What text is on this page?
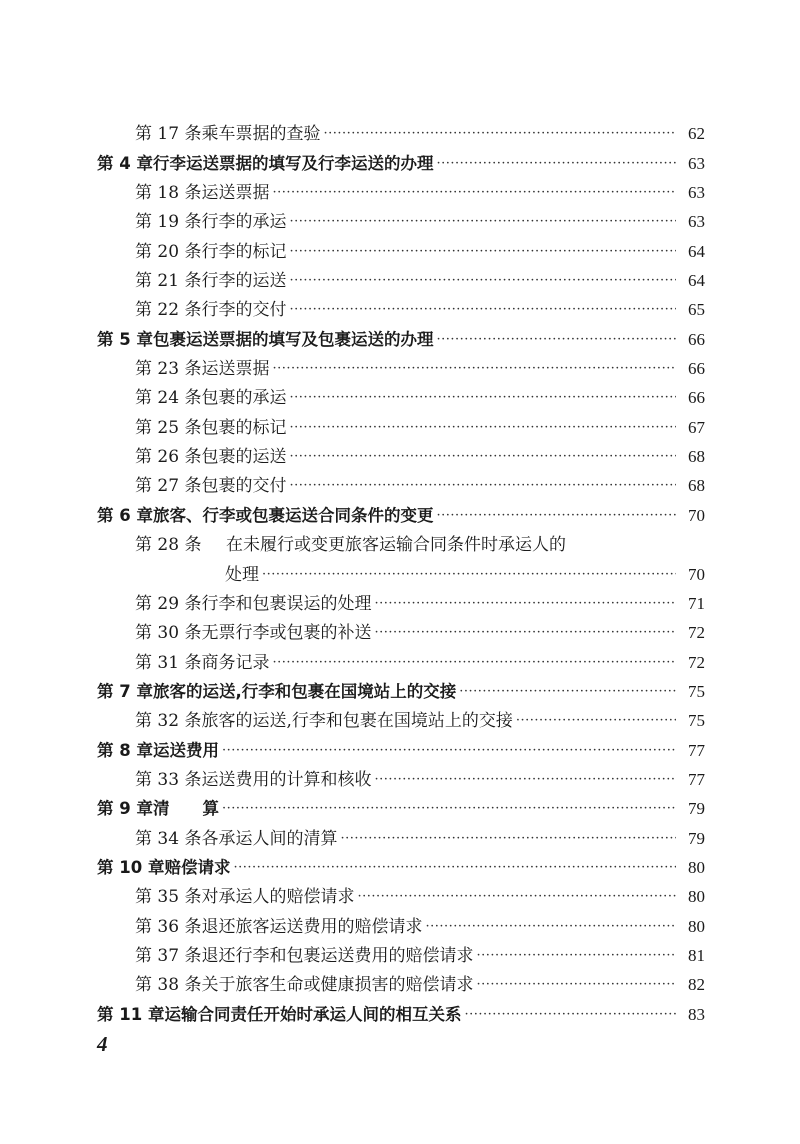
第 17 条 乘车票据的查验 ·····	62
第 4 章 行李运送票据的填写及行李运送的办理 ·····	63
第 18 条 运送票据 ·····	63
第 19 条 行李的承运 ·····	63
第 20 条 行李的标记 ·····	64
第 21 条 行李的运送 ·····	64
第 22 条 行李的交付 ·····	65
第 5 章 包裹运送票据的填写及包裹运送的办理 ·····	66
第 23 条 运送票据 ·····	66
第 24 条 包裹的承运 ·····	66
第 25 条 包裹的标记 ·····	67
第 26 条 包裹的运送 ·····	68
第 27 条 包裹的交付 ·····	68
第 6 章 旅客、行李或包裹运送合同条件的变更 ·····	70
第 28 条	在未履行或变更旅客运输合同条件时承运人的
处理 ·····	70
第 29 条 行李和包裹误运的处理 ·····	71
第 30 条 无票行李或包裹的补送 ·····	72
第 31 条 商务记录 ·····	72
第 7 章 旅客的运送,行李和包裹在国境站上的交接 ·····	75
第 32 条 旅客的运送,行李和包裹在国境站上的交接 ·····	75
第 8 章 运送费用 ·····	77
第 33 条 运送费用的计算和核收 ·····	77
第 9 章 清　　算 ·····	79
第 34 条 各承运人间的清算 ·····	79
第 10 章 赔偿请求 ·····	80
第 35 条 对承运人的赔偿请求 ·····	80
第 36 条 退还旅客运送费用的赔偿请求 ·····	80
第 37 条 退还行李和包裹运送费用的赔偿请求 ·····	81
第 38 条 关于旅客生命或健康损害的赔偿请求 ·····	82
第 11 章 运输合同责任开始时承运人间的相互关系 ·····	83
4
